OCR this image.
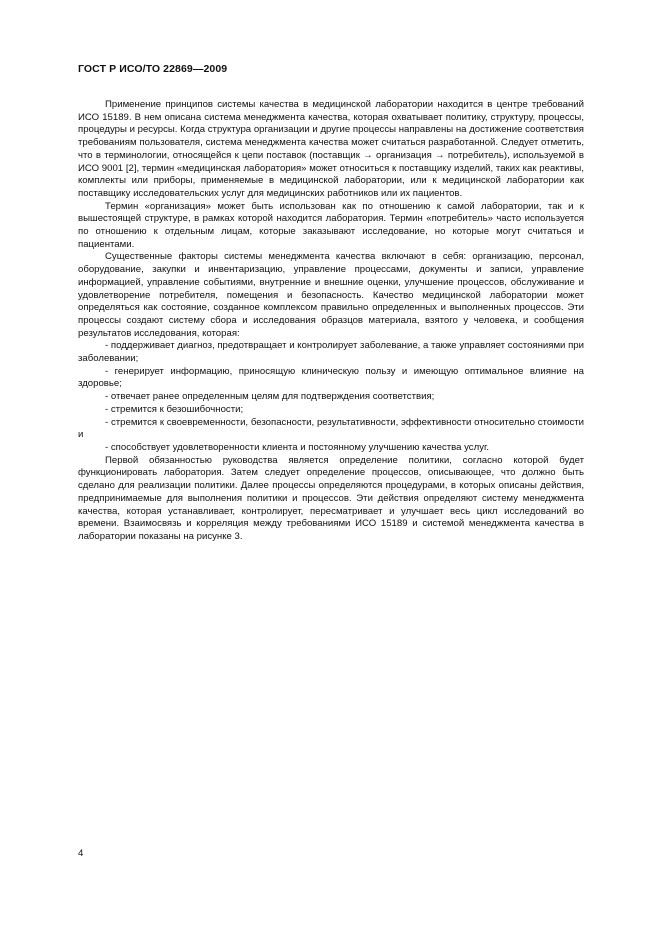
ГОСТ Р ИСО/ТО 22869—2009

Применение принципов системы качества в медицинской лаборатории находится в центре требований ИСО 15189. В нем описана система менеджмента качества, которая охватывает политику, структуру, процессы, процедуры и ресурсы. Когда структура организации и другие процессы направлены на достижение соответствия требованиям пользователя, система менеджмента качества может считаться разработанной. Следует отметить, что в терминологии, относящейся к цепи поставок (поставщик → организация → потребитель), используемой в ИСО 9001 [2], термин «медицинская лаборатория» может относиться к поставщику изделий, таких как реактивы, комплекты или приборы, применяемые в медицинской лаборатории, или к медицинской лаборатории как поставщику исследовательских услуг для медицинских работников или их пациентов.

Термин «организация» может быть использован как по отношению к самой лаборатории, так и к вышестоящей структуре, в рамках которой находится лаборатория. Термин «потребитель» часто используется по отношению к отдельным лицам, которые заказывают исследование, но которые могут считаться и пациентами.

Существенные факторы системы менеджмента качества включают в себя: организацию, персонал, оборудование, закупки и инвентаризацию, управление процессами, документы и записи, управление информацией, управление событиями, внутренние и внешние оценки, улучшение процессов, обслуживание и удовлетворение потребителя, помещения и безопасность. Качество медицинской лаборатории может определяться как состояние, созданное комплексом правильно определенных и выполненных процессов. Эти процессы создают систему сбора и исследования образцов материала, взятого у человека, и сообщения результатов исследования, которая:

- поддерживает диагноз, предотвращает и контролирует заболевание, а также управляет состояниями при заболевании;

- генерирует информацию, приносящую клиническую пользу и имеющую оптимальное влияние на здоровье;

- отвечает ранее определенным целям для подтверждения соответствия;

- стремится к безошибочности;

- стремится к своевременности, безопасности, результативности, эффективности относительно стоимости и

- способствует удовлетворенности клиента и постоянному улучшению качества услуг.

Первой обязанностью руководства является определение политики, согласно которой будет функционировать лаборатория. Затем следует определение процессов, описывающее, что должно быть сделано для реализации политики. Далее процессы определяются процедурами, в которых описаны действия, предпринимаемые для выполнения политики и процессов. Эти действия определяют систему менеджмента качества, которая устанавливает, контролирует, пересматривает и улучшает весь цикл исследований во времени. Взаимосвязь и корреляция между требованиями ИСО 15189 и системой менеджмента качества в лаборатории показаны на рисунке 3.

4
